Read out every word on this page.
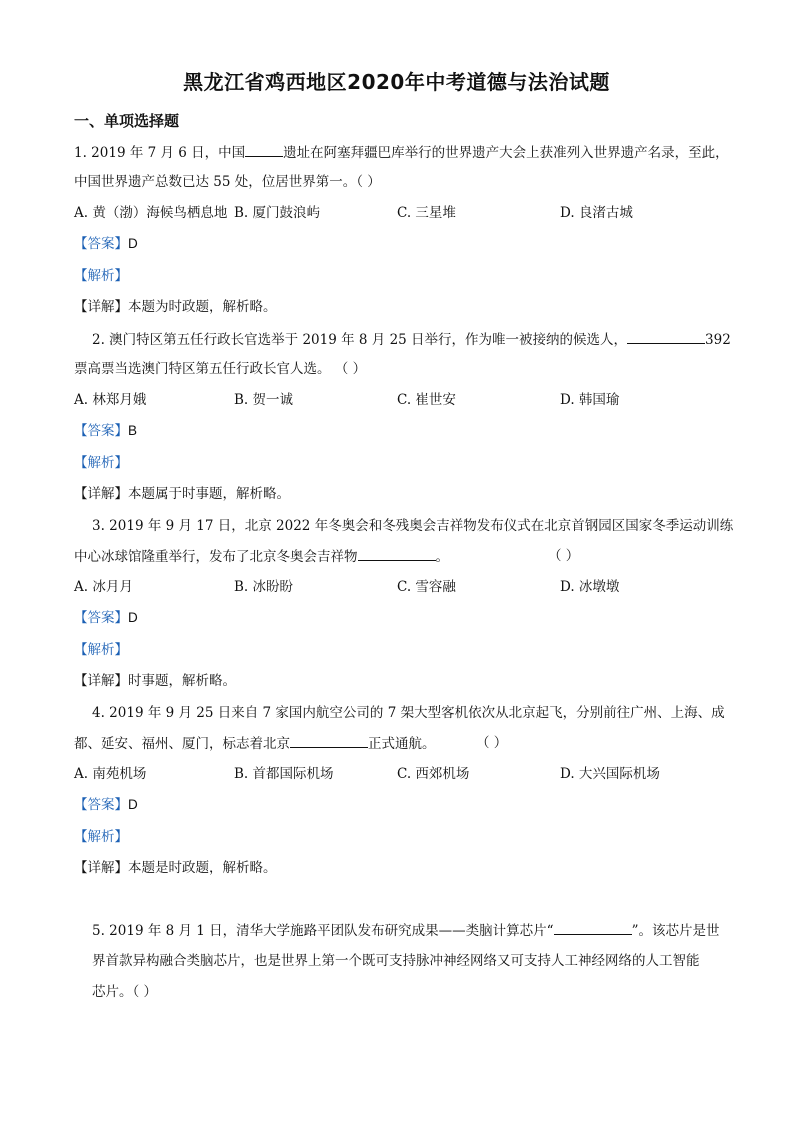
黑龙江省鸡西地区2020年中考道德与法治试题
一、单项选择题
1. 2019 年 7 月 6 日，中国	遗址在阿塞拜疆巴库举行的世界遗产大会上获准列入世界遗产名录，至此，
中国世界遗产总数已达 55 处，位居世界第一。（ ）
A. 黄（渤）海候鸟栖息地 B. 厦门鼓浪屿	C. 三星堆	D. 良渚古城
【答案】D
【解析】
【详解】本题为时政题，解析略。
2. 澳门特区第五任行政长官选举于 2019 年 8 月 25 日举行，作为唯一被接纳的候选人，	392
票高票当选澳门特区第五任行政长官人选。 （ ）
A. 林郑月娥	B. 贺一诚	C. 崔世安	D. 韩国瑜
【答案】B
【解析】
【详解】本题属于时事题，解析略。
3. 2019 年 9 月 17 日，北京 2022 年冬奥会和冬残奥会吉祥物发布仪式在北京首钢园区国家冬季运动训练
中心冰球馆隆重举行，发布了北京冬奥会吉祥物	。	（ ）
A. 冰月月	B. 冰盼盼	C. 雪容融	D. 冰墩墩
【答案】D
【解析】
【详解】时事题，解析略。
4. 2019 年 9 月 25 日来自 7 家国内航空公司的 7 架大型客机依次从北京起飞，分别前往广州、上海、成
都、延安、福州、厦门，标志着北京	正式通航。	（ ）
A. 南苑机场	B. 首都国际机场	C. 西郊机场	D. 大兴国际机场
【答案】D
【解析】
【详解】本题是时政题，解析略。
5. 2019 年 8 月 1 日，清华大学施路平团队发布研究成果——类脑计算芯片“	”。该芯片是世
界首款异构融合类脑芯片，也是世界上第一个既可支持脉冲神经网络又可支持人工神经网络的人工智能
芯片。（ ）
